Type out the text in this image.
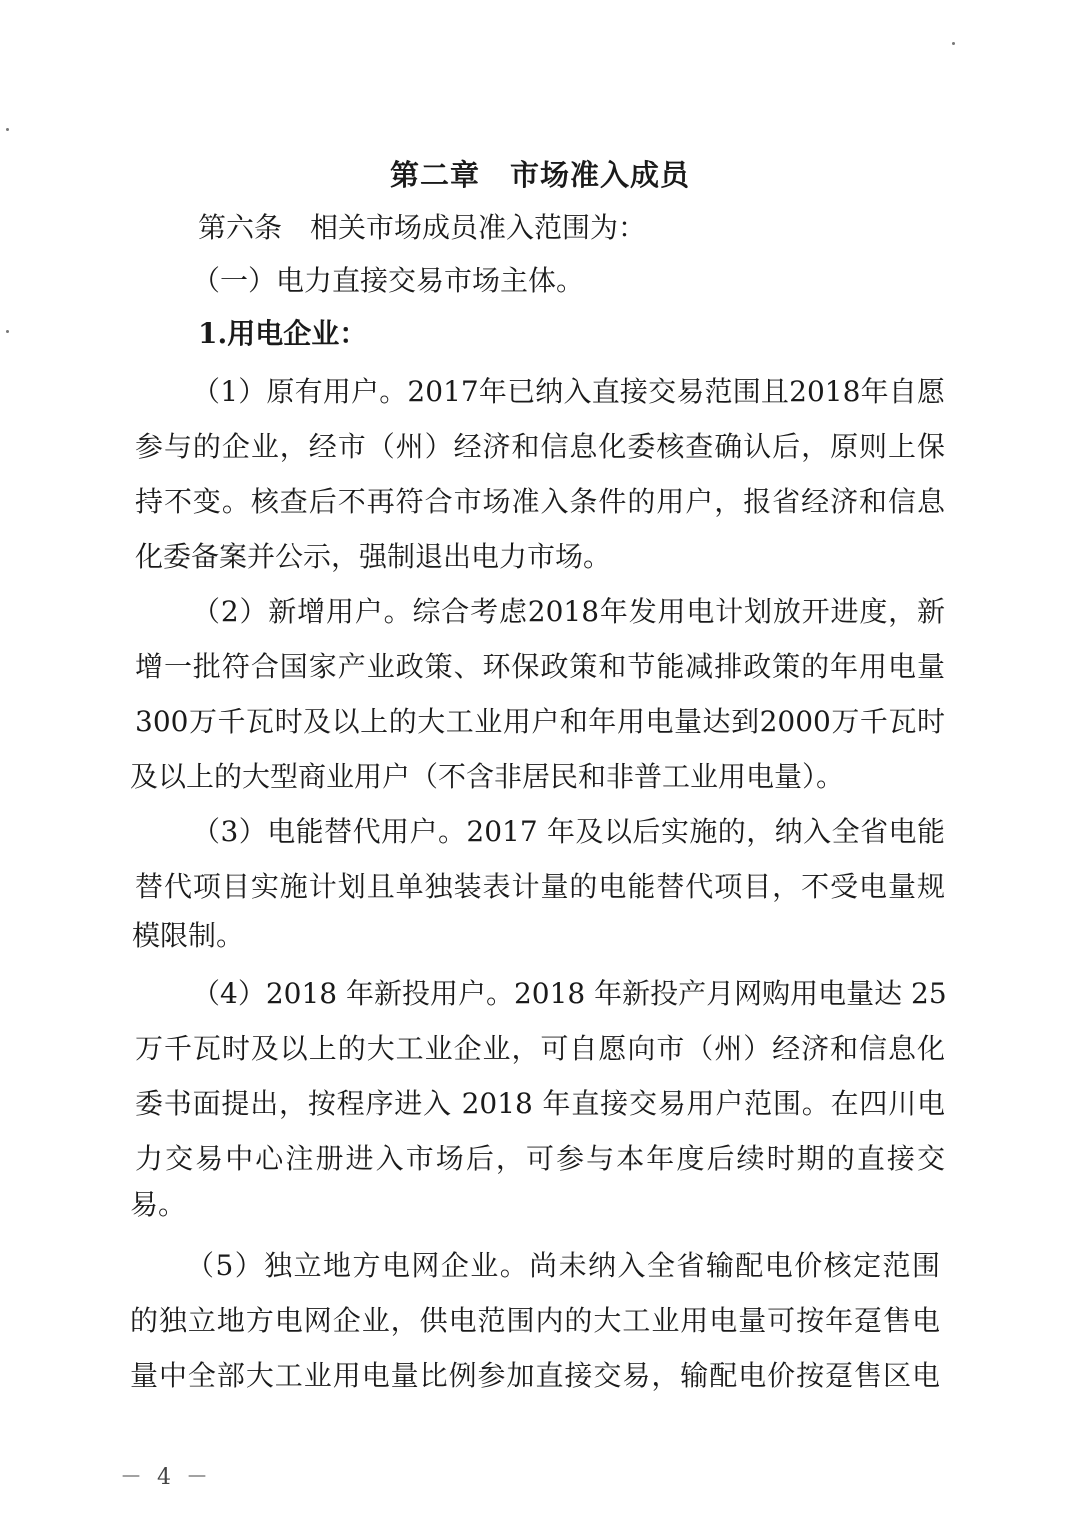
第二章　市场准入成员
第六条　相关市场成员准入范围为：
（一）电力直接交易市场主体。
1.用电企业：
（1）原有用户。2017年已纳入直接交易范围且2018年自愿
参与的企业，经市（州）经济和信息化委核查确认后，原则上保
持不变。核查后不再符合市场准入条件的用户，报省经济和信息
化委备案并公示，强制退出电力市场。
（2）新增用户。综合考虑2018年发用电计划放开进度，新
增一批符合国家产业政策、环保政策和节能减排政策的年用电量
300万千瓦时及以上的大工业用户和年用电量达到2000万千瓦时
及以上的大型商业用户（不含非居民和非普工业用电量）。
（3）电能替代用户。2017 年及以后实施的，纳入全省电能
替代项目实施计划且单独装表计量的电能替代项目，不受电量规
模限制。
（4）2018 年新投用户。2018 年新投产月网购用电量达 25
万千瓦时及以上的大工业企业，可自愿向市（州）经济和信息化
委书面提出，按程序进入 2018 年直接交易用户范围。在四川电
力交易中心注册进入市场后，可参与本年度后续时期的直接交
易。
（5）独立地方电网企业。尚未纳入全省输配电价核定范围
的独立地方电网企业，供电范围内的大工业用电量可按年趸售电
量中全部大工业用电量比例参加直接交易，输配电价按趸售区电
－ 4 －
